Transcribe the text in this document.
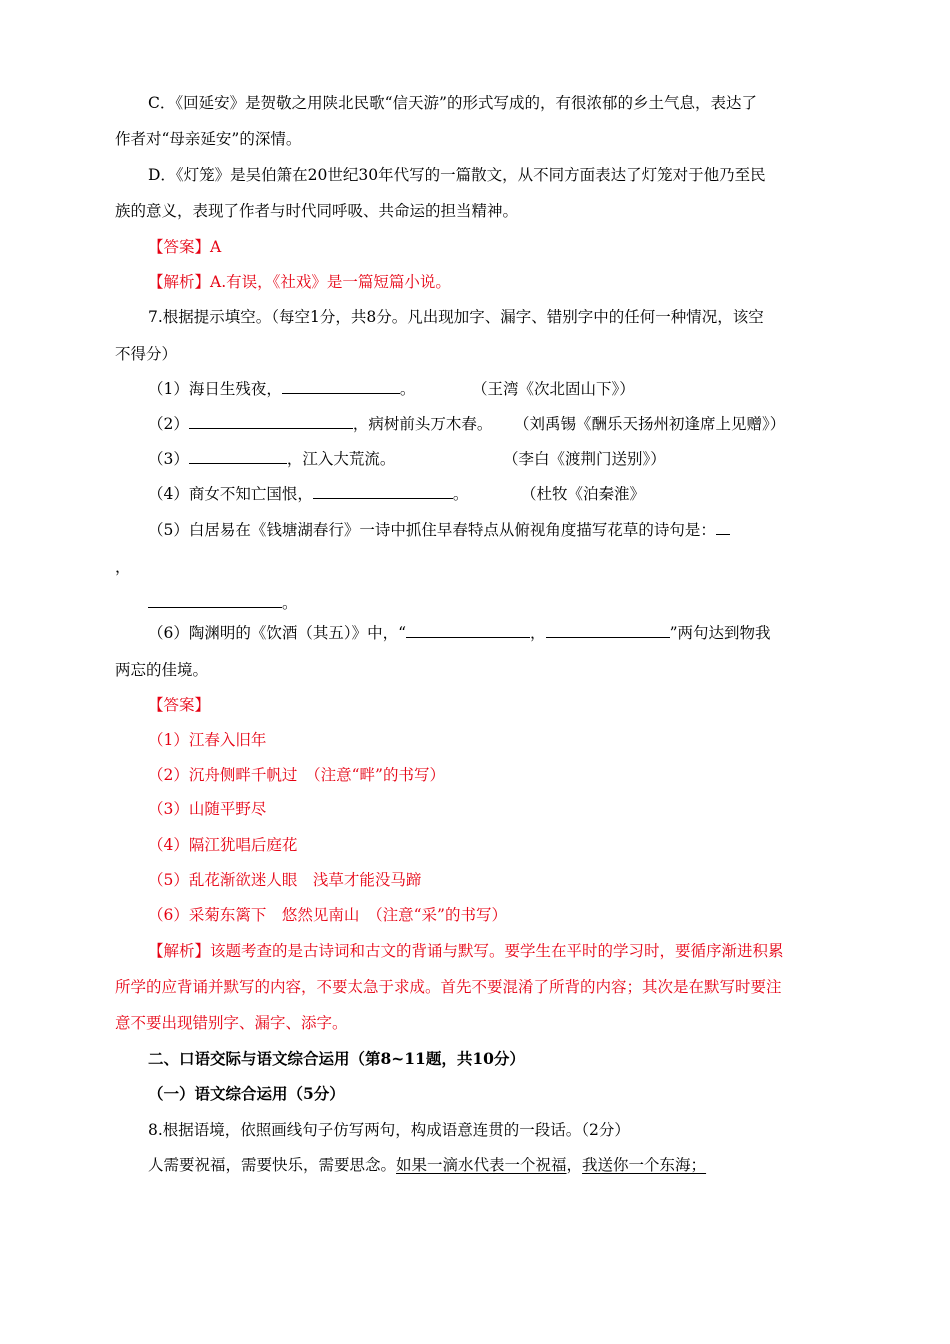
C．《回延安》是贺敬之用陕北民歌“信天游”的形式写成的，有很浓郁的乡土气息，表达了
作者对“母亲延安”的深情。
D．《灯笼》是吴伯箫在20世纪30年代写的一篇散文，从不同方面表达了灯笼对于他乃至民
族的意义，表现了作者与时代同呼吸、共命运的担当精神。
【答案】A
【解析】A.有误，《社戏》是一篇短篇小说。
7.根据提示填空。（每空1分，共8分。凡出现加字、漏字、错别字中的任何一种情况，该空
不得分）
（1）海日生残夜，	。	（王湾《次北固山下》）
（2）	，病树前头万木春。 （刘禹锡《酬乐天扬州初逢席上见赠》）
（3）	，江入大荒流。	（李白《渡荆门送别》）
（4）商女不知亡国恨，	。	（杜牧《泊秦淮》
（5）白居易在《钱塘湖春行》一诗中抓住早春特点从俯视角度描写花草的诗句是：
，
。
（6）陶渊明的《饮酒（其五）》中，“	，	”两句达到物我
两忘的佳境。
【答案】
（1）江春入旧年
（2）沉舟侧畔千帆过　（注意“畔”的书写）
（3）山随平野尽
（4）隔江犹唱后庭花
（5）乱花渐欲迷人眼　浅草才能没马蹄
（6）采菊东篱下　悠然见南山　（注意“采”的书写）
【解析】该题考查的是古诗词和古文的背诵与默写。要学生在平时的学习时，要循序渐进积累
所学的应背诵并默写的内容，不要太急于求成。首先不要混淆了所背的内容；其次是在默写时要注
意不要出现错别字、漏字、添字。
二、口语交际与语文综合运用（第8~11题，共10分）
（一）语文综合运用（5分）
8.根据语境，依照画线句子仿写两句，构成语意连贯的一段话。（2分）
人需要祝福，需要快乐，需要思念。如果一滴水代表一个祝福，我送你一个东海；
